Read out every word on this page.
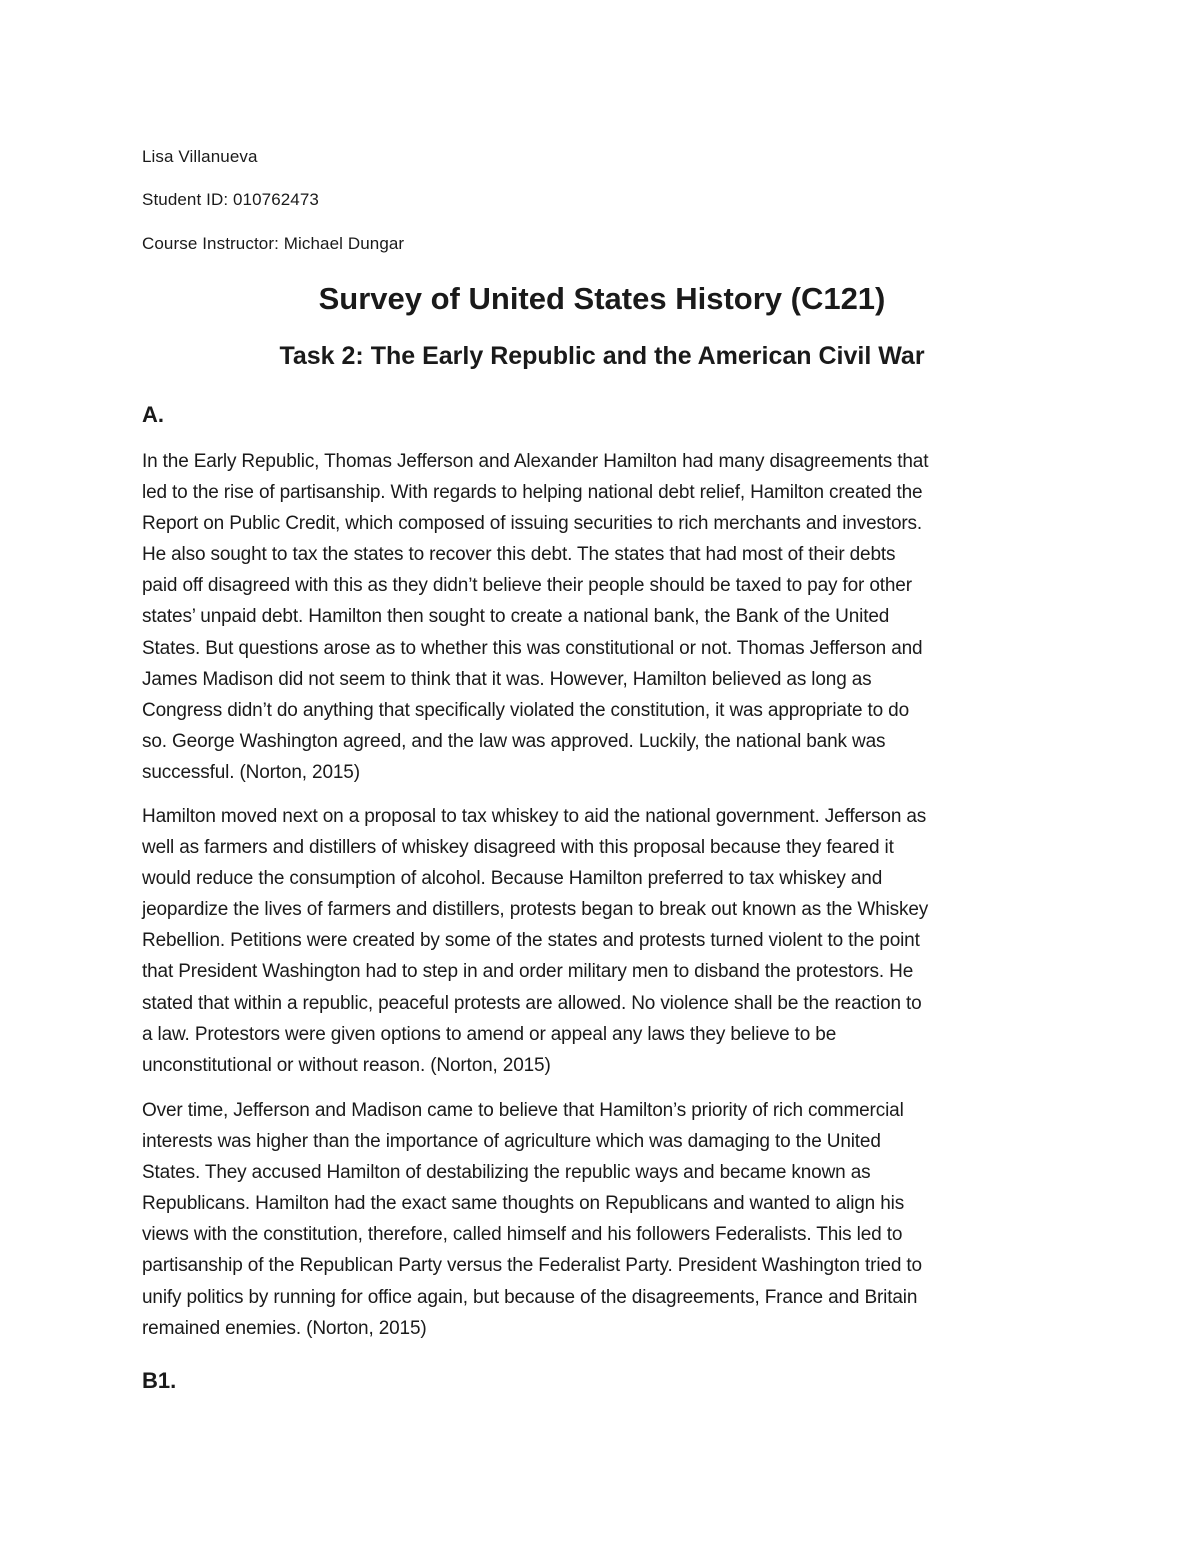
Lisa Villanueva
Student ID: 010762473
Course Instructor: Michael Dungar
Survey of United States History (C121)
Task 2: The Early Republic and the American Civil War
A.
In the Early Republic, Thomas Jefferson and Alexander Hamilton had many disagreements that
led to the rise of partisanship. With regards to helping national debt relief, Hamilton created the
Report on Public Credit, which composed of issuing securities to rich merchants and investors.
He also sought to tax the states to recover this debt. The states that had most of their debts
paid off disagreed with this as they didn’t believe their people should be taxed to pay for other
states’ unpaid debt. Hamilton then sought to create a national bank, the Bank of the United
States. But questions arose as to whether this was constitutional or not. Thomas Jefferson and
James Madison did not seem to think that it was. However, Hamilton believed as long as
Congress didn’t do anything that specifically violated the constitution, it was appropriate to do
so. George Washington agreed, and the law was approved. Luckily, the national bank was
successful. (Norton, 2015)
Hamilton moved next on a proposal to tax whiskey to aid the national government. Jefferson as
well as farmers and distillers of whiskey disagreed with this proposal because they feared it
would reduce the consumption of alcohol. Because Hamilton preferred to tax whiskey and
jeopardize the lives of farmers and distillers, protests began to break out known as the Whiskey
Rebellion. Petitions were created by some of the states and protests turned violent to the point
that President Washington had to step in and order military men to disband the protestors. He
stated that within a republic, peaceful protests are allowed. No violence shall be the reaction to
a law. Protestors were given options to amend or appeal any laws they believe to be
unconstitutional or without reason. (Norton, 2015)
Over time, Jefferson and Madison came to believe that Hamilton’s priority of rich commercial
interests was higher than the importance of agriculture which was damaging to the United
States. They accused Hamilton of destabilizing the republic ways and became known as
Republicans. Hamilton had the exact same thoughts on Republicans and wanted to align his
views with the constitution, therefore, called himself and his followers Federalists. This led to
partisanship of the Republican Party versus the Federalist Party. President Washington tried to
unify politics by running for office again, but because of the disagreements, France and Britain
remained enemies. (Norton, 2015)
B1.
